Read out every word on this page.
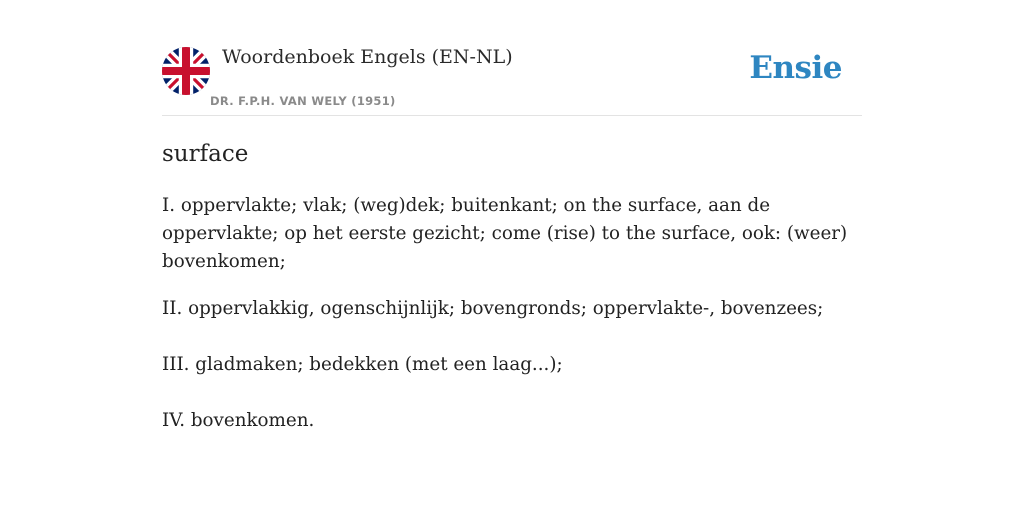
Woordenboek Engels (EN-NL)
DR. F.P.H. VAN WELY (1951)
Ensie
surface

I. oppervlakte; vlak; (weg)dek; buitenkant; on the surface, aan de oppervlakte; op het eerste gezicht; come (rise) to the surface, ook: (weer) bovenkomen;

II. oppervlakkig, ogenschijnlijk; bovengronds; oppervlakte-, bovenzees;

III. gladmaken; bedekken (met een laag...);

IV. bovenkomen.
